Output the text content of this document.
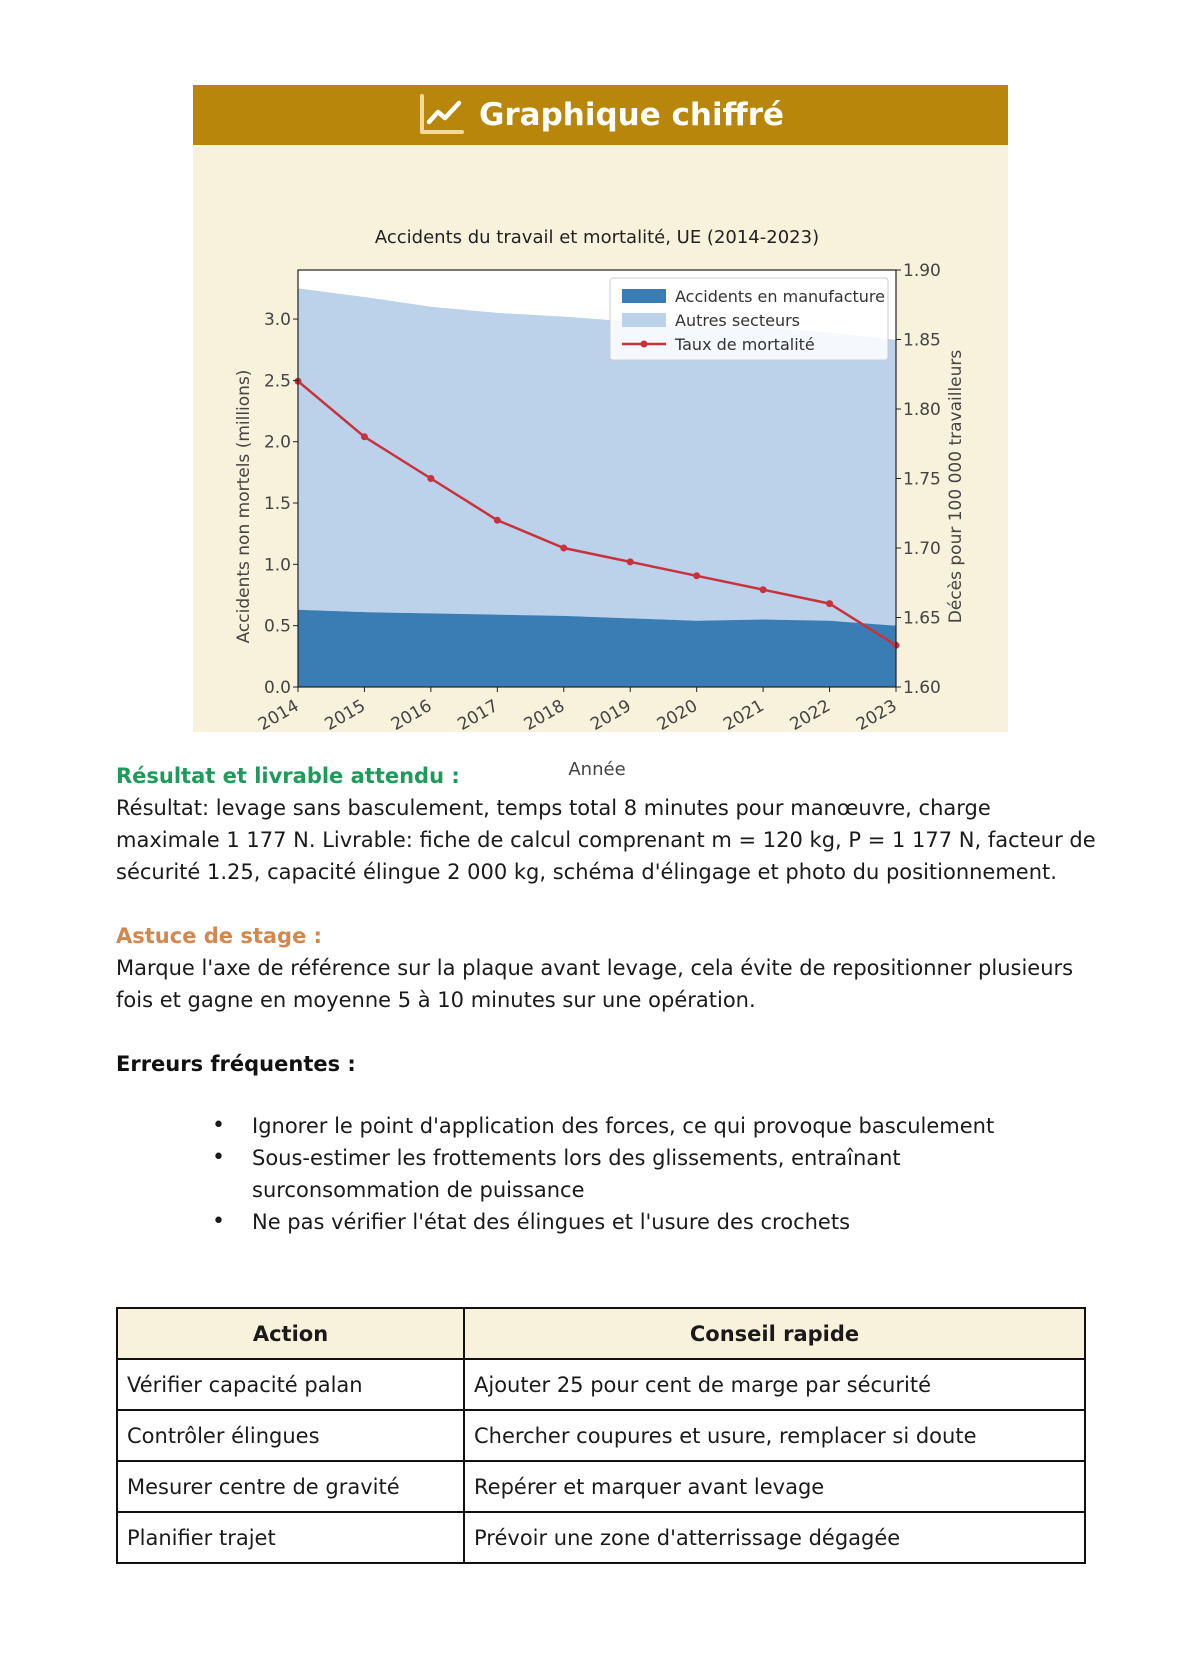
Graphique chiffré
0.0
0.5
1.0
1.5
2.0
2.5
3.0
1.60
1.65
1.70
1.75
1.80
1.85
1.90
2014 2015 2016 2017 2018 2019 2020 2021 2022 2023
Accidents du travail et mortalité, UE (2014-2023)
Année
Accidents non mortels (millions)	Décès pour 100 000 travailleurs
Accidents en manufacture
Autres secteurs
Taux de mortalité
Résultat et livrable attendu :
Résultat: levage sans basculement, temps total 8 minutes pour manœuvre, charge
maximale 1 177 N. Livrable: fiche de calcul comprenant m = 120 kg, P = 1 177 N, facteur de
sécurité 1.25, capacité élingue 2 000 kg, schéma d'élingage et photo du positionnement.
Astuce de stage :
Marque l'axe de référence sur la plaque avant levage, cela évite de repositionner plusieurs
fois et gagne en moyenne 5 à 10 minutes sur une opération.
Erreurs fréquentes :
• Ignorer le point d'application des forces, ce qui provoque basculement
• Sous-estimer les frottements lors des glissements, entraînant surconsommation de puissance
• Ne pas vérifier l'état des élingues et l'usure des crochets
Action	Conseil rapide
Vérifier capacité palan	Ajouter 25 pour cent de marge par sécurité
Contrôler élingues	Chercher coupures et usure, remplacer si doute
Mesurer centre de gravité	Repérer et marquer avant levage
Planifier trajet	Prévoir une zone d'atterrissage dégagée
